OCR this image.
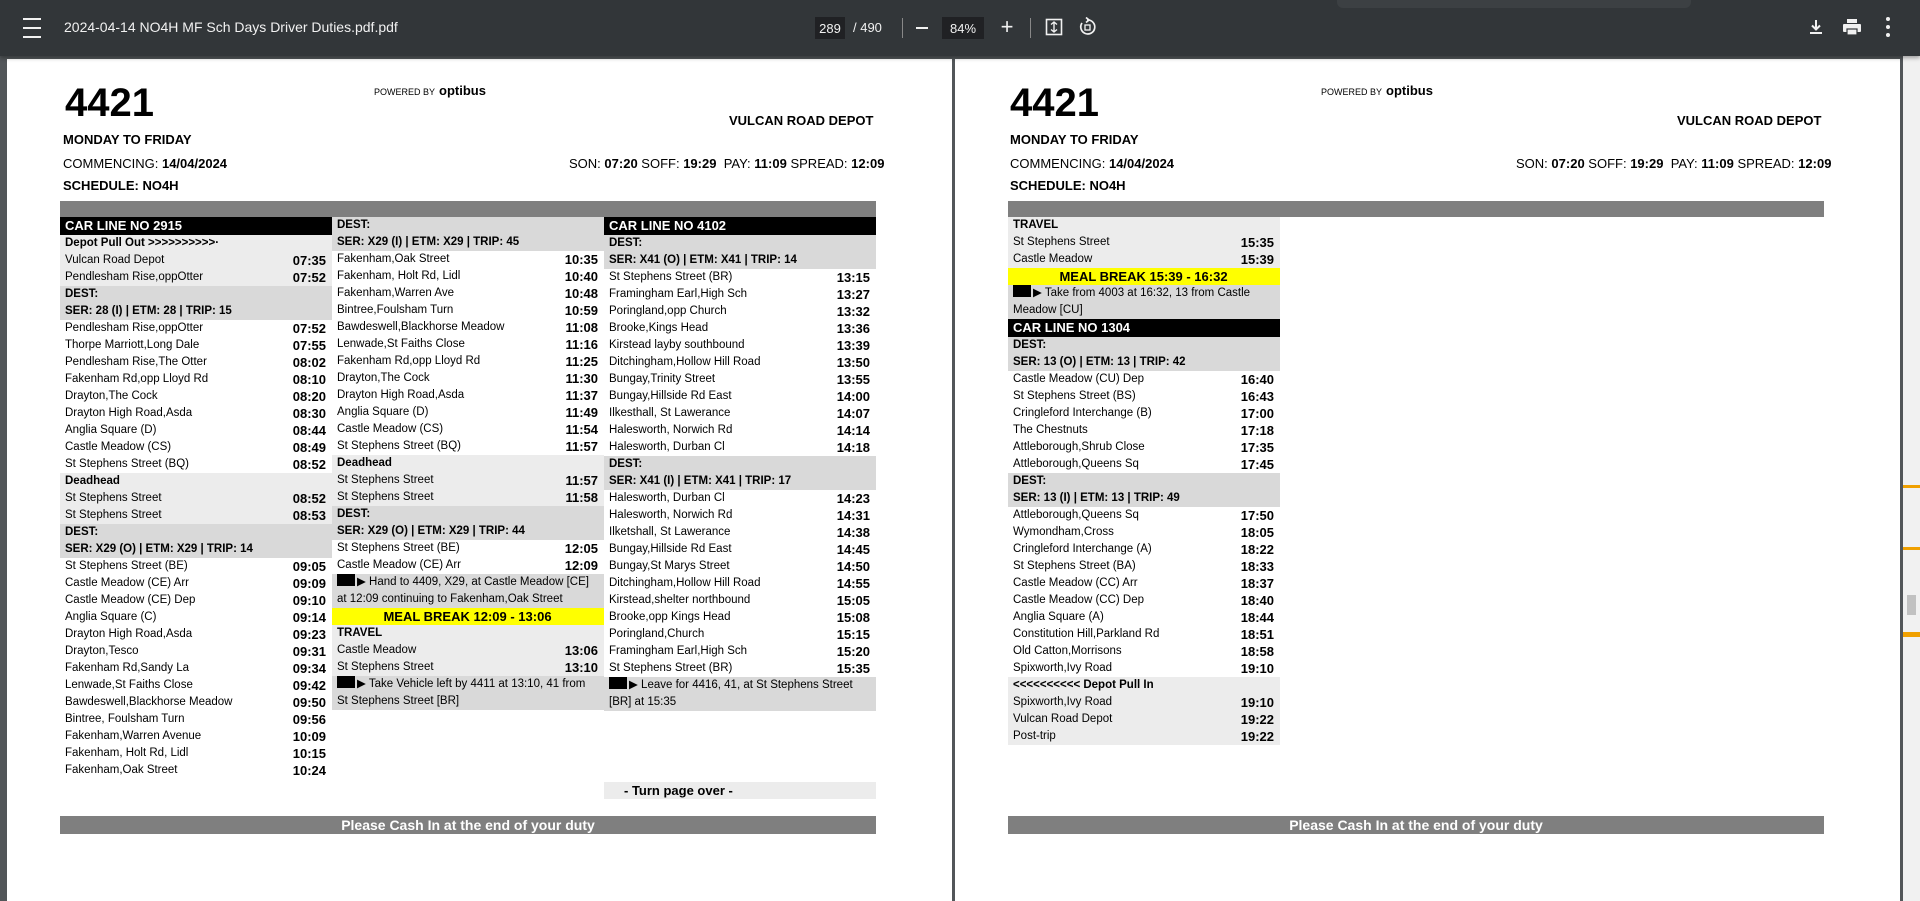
2024-04-14 NO4H MF Sch Days Driver Duties.pdf.pdf
289	/ 490
84%	+
4421	POWERED BY optibus
VULCAN ROAD DEPOT
MONDAY TO FRIDAY
COMMENCING: 14/04/2024	SON: 07:20 SOFF: 19:29 PAY: 11:09 SPREAD: 12:09
SCHEDULE: NO4H
CAR LINE NO 2915
Depot Pull Out >>>>>>>>>>·
Vulcan Road Depot	07:35
Pendlesham Rise,oppOtter	07:52
DEST:
SER: 28 (I) | ETM: 28 | TRIP: 15
Pendlesham Rise,oppOtter	07:52
Thorpe Marriott,Long Dale	07:55
Pendlesham Rise,The Otter	08:02
Fakenham Rd,opp Lloyd Rd	08:10
Drayton,The Cock	08:20
Drayton High Road,Asda	08:30
Anglia Square (D)	08:44
Castle Meadow (CS)	08:49
St Stephens Street (BQ)	08:52
Deadhead
St Stephens Street	08:52
St Stephens Street	08:53
DEST:
SER: X29 (O) | ETM: X29 | TRIP: 14
St Stephens Street (BE)	09:05
Castle Meadow (CE) Arr	09:09
Castle Meadow (CE) Dep	09:10
Anglia Square (C)	09:14
Drayton High Road,Asda	09:23
Drayton,Tesco	09:31
Fakenham Rd,Sandy La	09:34
Lenwade,St Faiths Close	09:42
Bawdeswell,Blackhorse Meadow	09:50
Bintree, Foulsham Turn	09:56
Fakenham,Warren Avenue	10:09
Fakenham, Holt Rd, Lidl	10:15
Fakenham,Oak Street	10:24
DEST:
SER: X29 (I) | ETM: X29 | TRIP: 45
Fakenham,Oak Street	10:35
Fakenham, Holt Rd, Lidl	10:40
Fakenham,Warren Ave	10:48
Bintree,Foulsham Turn	10:59
Bawdeswell,Blackhorse Meadow	11:08
Lenwade,St Faiths Close	11:16
Fakenham Rd,opp Lloyd Rd	11:25
Drayton,The Cock	11:30
Drayton High Road,Asda	11:37
Anglia Square (D)	11:49
Castle Meadow (CS)	11:54
St Stephens Street (BQ)	11:57
Deadhead
St Stephens Street	11:57
St Stephens Street	11:58
DEST:
SER: X29 (O) | ETM: X29 | TRIP: 44
St Stephens Street (BE)	12:05
Castle Meadow (CE) Arr	12:09
▶ Hand to 4409, X29, at Castle Meadow [CE] at 12:09 continuing to Fakenham,Oak Street
MEAL BREAK 12:09 - 13:06
TRAVEL
Castle Meadow	13:06
St Stephens Street	13:10
▶ Take Vehicle left by 4411 at 13:10, 41 from St Stephens Street [BR]
CAR LINE NO 4102
DEST:
SER: X41 (O) | ETM: X41 | TRIP: 14
St Stephens Street (BR)	13:15
Framingham Earl,High Sch	13:27
Poringland,opp Church	13:32
Brooke,Kings Head	13:36
Kirstead layby southbound	13:39
Ditchingham,Hollow Hill Road	13:50
Bungay,Trinity Street	13:55
Bungay,Hillside Rd East	14:00
Ilkesthall, St Lawerance	14:07
Halesworth, Norwich Rd	14:14
Halesworth, Durban Cl	14:18
DEST:
SER: X41 (I) | ETM: X41 | TRIP: 17
Halesworth, Durban Cl	14:23
Halesworth, Norwich Rd	14:31
Ilketshall, St Lawerance	14:38
Bungay,Hillside Rd East	14:45
Bungay,St Marys Street	14:50
Ditchingham,Hollow Hill Road	14:55
Kirstead,shelter northbound	15:05
Brooke,opp Kings Head	15:08
Poringland,Church	15:15
Framingham Earl,High Sch	15:20
St Stephens Street (BR)	15:35
▶ Leave for 4416, 41, at St Stephens Street [BR] at 15:35
- Turn page over -
Please Cash In at the end of your duty
4421	POWERED BY optibus
VULCAN ROAD DEPOT
MONDAY TO FRIDAY
COMMENCING: 14/04/2024	SON: 07:20 SOFF: 19:29 PAY: 11:09 SPREAD: 12:09
SCHEDULE: NO4H
TRAVEL
St Stephens Street	15:35
Castle Meadow	15:39
MEAL BREAK 15:39 - 16:32
▶ Take from 4003 at 16:32, 13 from Castle Meadow [CU]
CAR LINE NO 1304
DEST:
SER: 13 (O) | ETM: 13 | TRIP: 42
Castle Meadow (CU) Dep	16:40
St Stephens Street (BS)	16:43
Cringleford Interchange (B)	17:00
The Chestnuts	17:18
Attleborough,Shrub Close	17:35
Attleborough,Queens Sq	17:45
DEST:
SER: 13 (I) | ETM: 13 | TRIP: 49
Attleborough,Queens Sq	17:50
Wymondham,Cross	18:05
Cringleford Interchange (A)	18:22
St Stephens Street (BA)	18:33
Castle Meadow (CC) Arr	18:37
Castle Meadow (CC) Dep	18:40
Anglia Square (A)	18:44
Constitution Hill,Parkland Rd	18:51
Old Catton,Morrisons	18:58
Spixworth,Ivy Road	19:10
<<<<<<<<<< Depot Pull In
Spixworth,Ivy Road	19:10
Vulcan Road Depot	19:22
Post-trip	19:22
Please Cash In at the end of your duty
